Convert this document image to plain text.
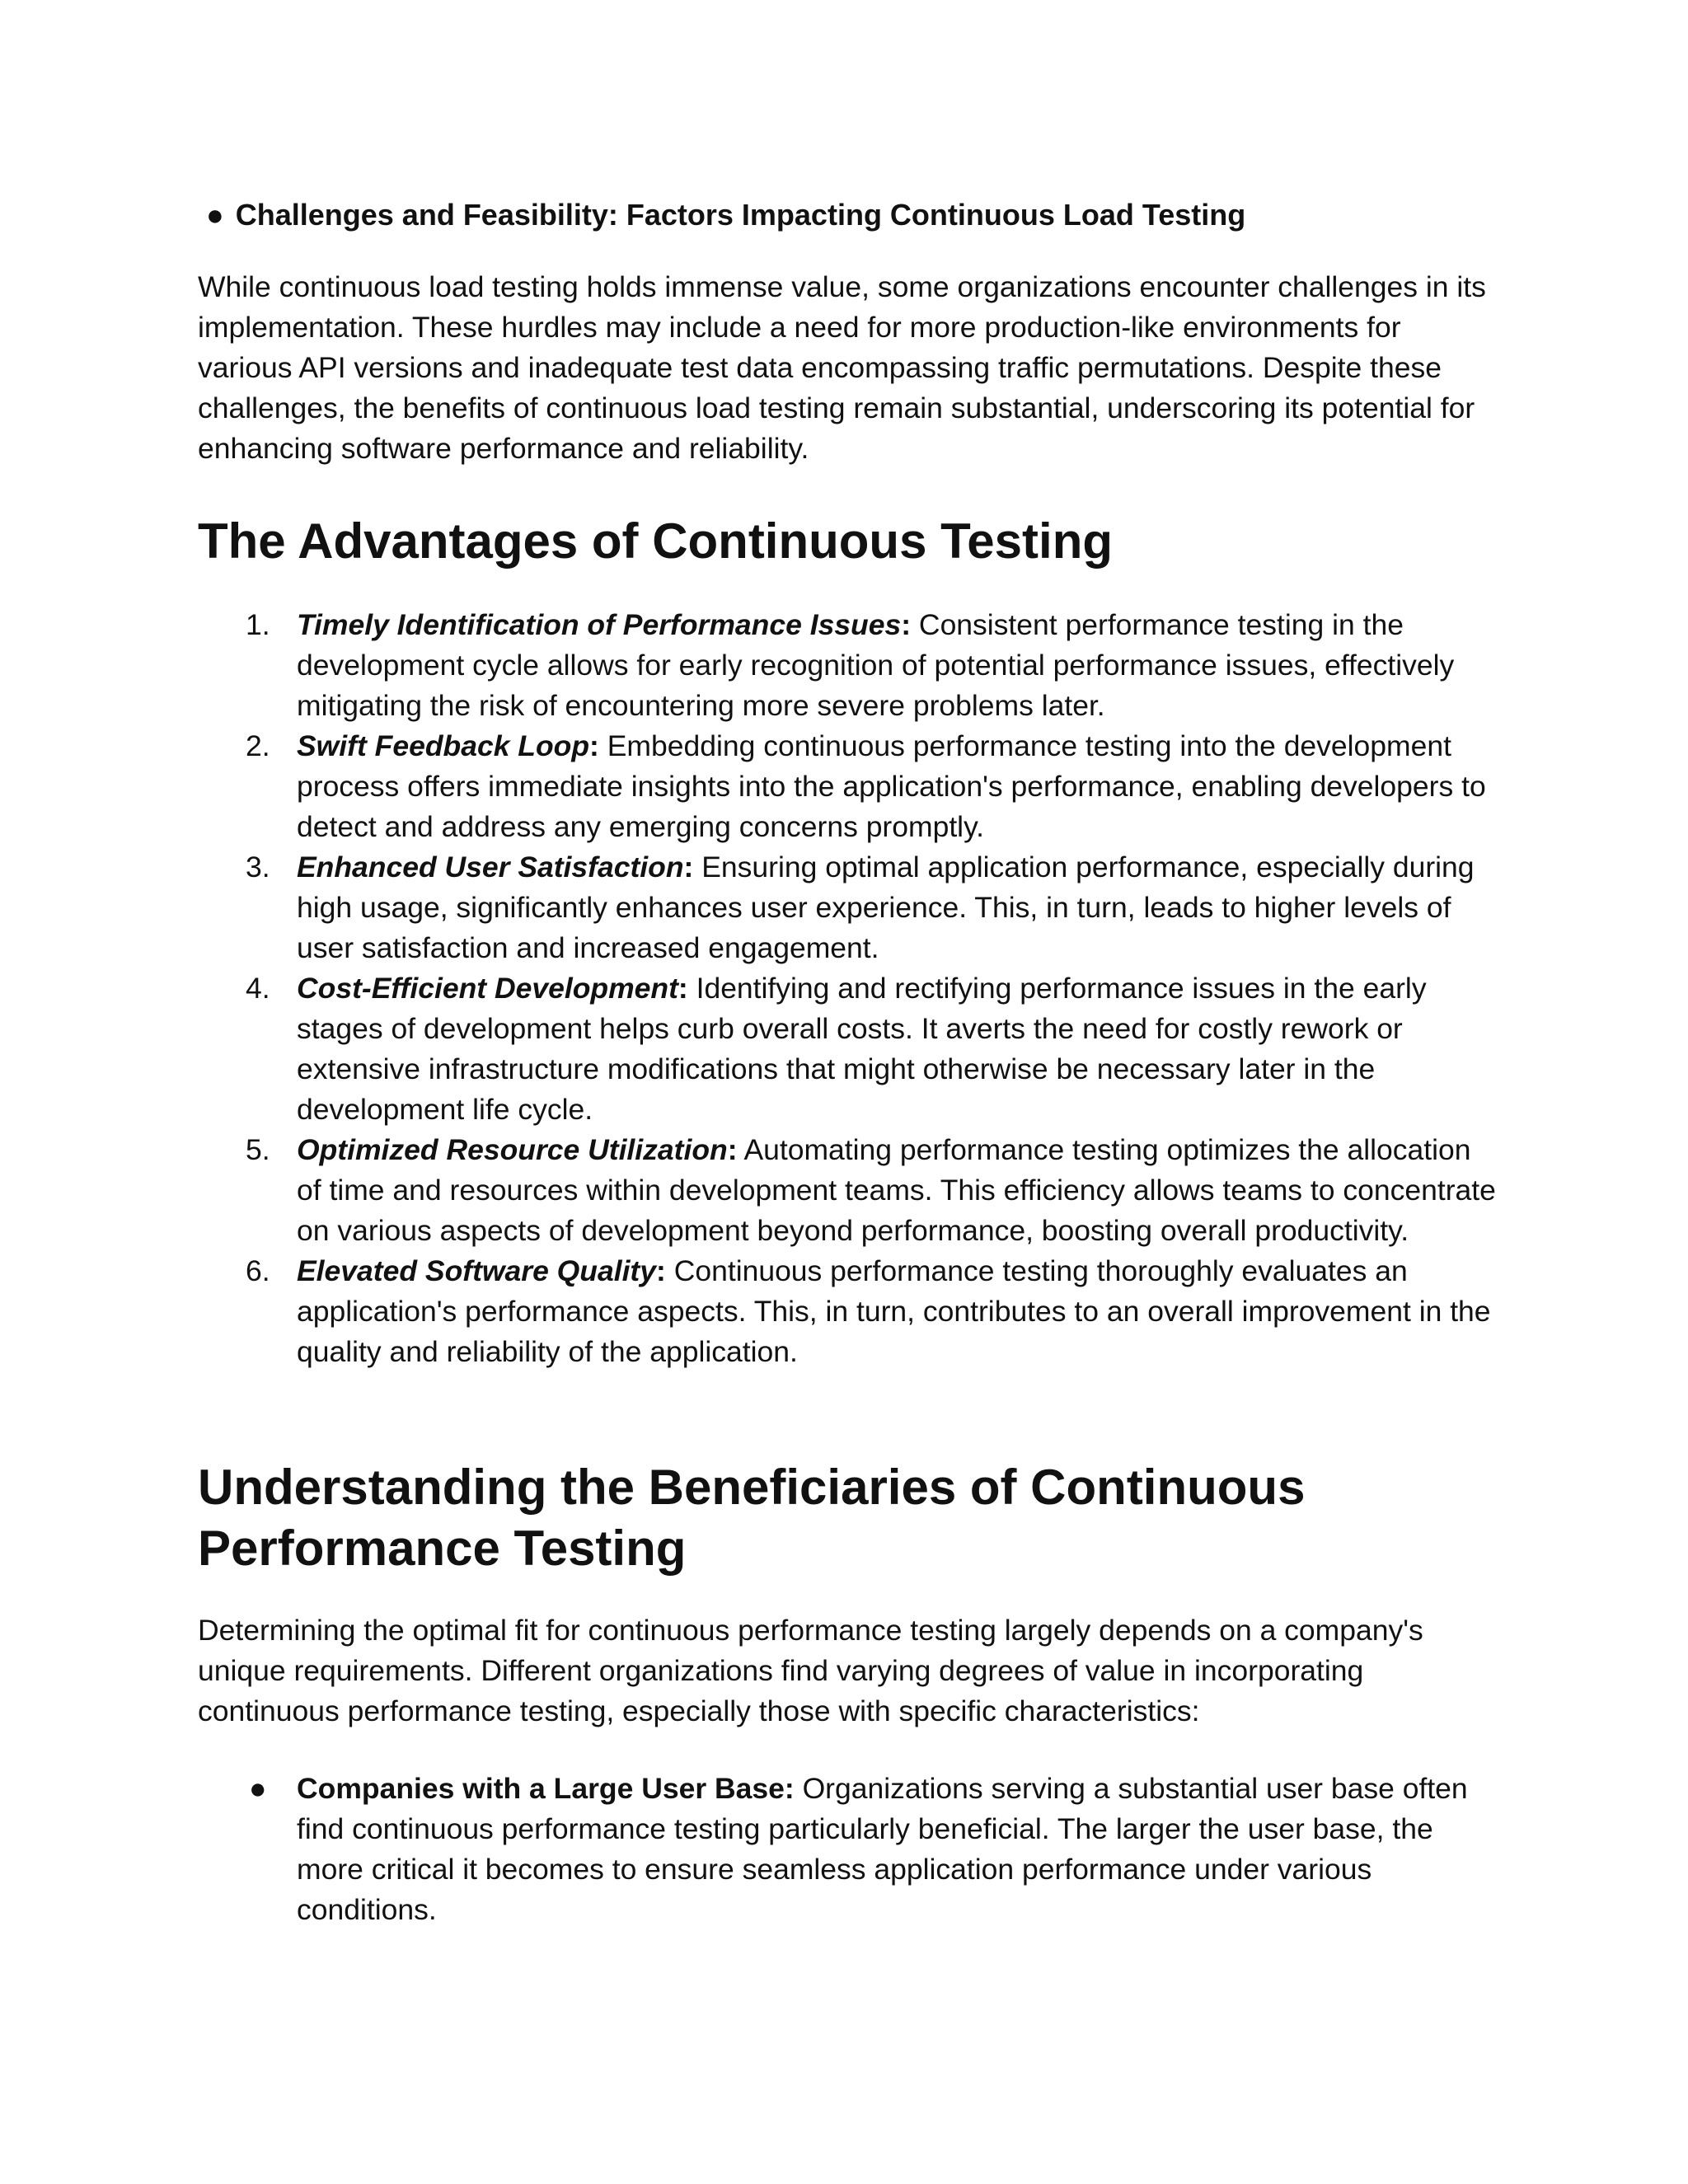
● Challenges and Feasibility: Factors Impacting Continuous Load Testing

While continuous load testing holds immense value, some organizations encounter challenges in its implementation. These hurdles may include a need for more production-like environments for various API versions and inadequate test data encompassing traffic permutations. Despite these challenges, the benefits of continuous load testing remain substantial, underscoring its potential for enhancing software performance and reliability.

The Advantages of Continuous Testing
1. Timely Identification of Performance Issues: Consistent performance testing in the development cycle allows for early recognition of potential performance issues, effectively mitigating the risk of encountering more severe problems later.
2. Swift Feedback Loop: Embedding continuous performance testing into the development process offers immediate insights into the application's performance, enabling developers to detect and address any emerging concerns promptly.
3. Enhanced User Satisfaction: Ensuring optimal application performance, especially during high usage, significantly enhances user experience. This, in turn, leads to higher levels of user satisfaction and increased engagement.
4. Cost-Efficient Development: Identifying and rectifying performance issues in the early stages of development helps curb overall costs. It averts the need for costly rework or extensive infrastructure modifications that might otherwise be necessary later in the development life cycle.
5. Optimized Resource Utilization: Automating performance testing optimizes the allocation of time and resources within development teams. This efficiency allows teams to concentrate on various aspects of development beyond performance, boosting overall productivity.
6. Elevated Software Quality: Continuous performance testing thoroughly evaluates an application's performance aspects. This, in turn, contributes to an overall improvement in the quality and reliability of the application.
Understanding the Beneficiaries of Continuous Performance Testing

Determining the optimal fit for continuous performance testing largely depends on a company's unique requirements. Different organizations find varying degrees of value in incorporating continuous performance testing, especially those with specific characteristics:

● Companies with a Large User Base: Organizations serving a substantial user base often find continuous performance testing particularly beneficial. The larger the user base, the more critical it becomes to ensure seamless application performance under various conditions.
